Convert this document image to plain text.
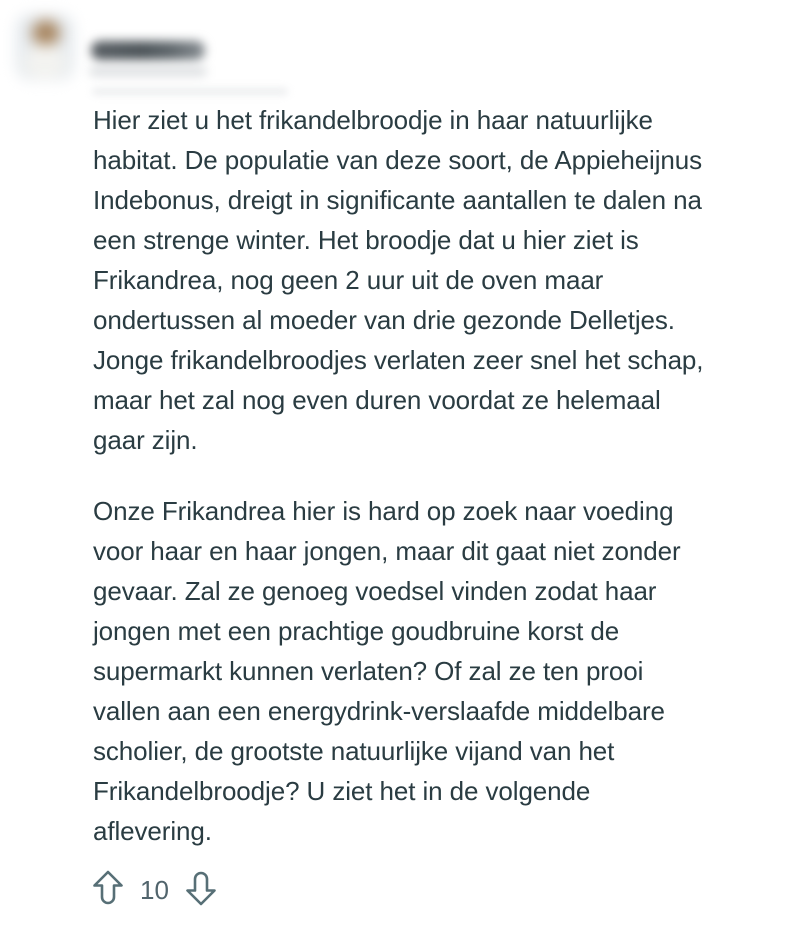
Hier ziet u het frikandelbroodje in haar natuurlijke
habitat. De populatie van deze soort, de Appieheijnus
Indebonus, dreigt in significante aantallen te dalen na
een strenge winter. Het broodje dat u hier ziet is
Frikandrea, nog geen 2 uur uit de oven maar
ondertussen al moeder van drie gezonde Delletjes.
Jonge frikandelbroodjes verlaten zeer snel het schap,
maar het zal nog even duren voordat ze helemaal
gaar zijn.
Onze Frikandrea hier is hard op zoek naar voeding
voor haar en haar jongen, maar dit gaat niet zonder
gevaar. Zal ze genoeg voedsel vinden zodat haar
jongen met een prachtige goudbruine korst de
supermarkt kunnen verlaten? Of zal ze ten prooi
vallen aan een energydrink-verslaafde middelbare
scholier, de grootste natuurlijke vijand van het
Frikandelbroodje? U ziet het in de volgende
aflevering.
10
